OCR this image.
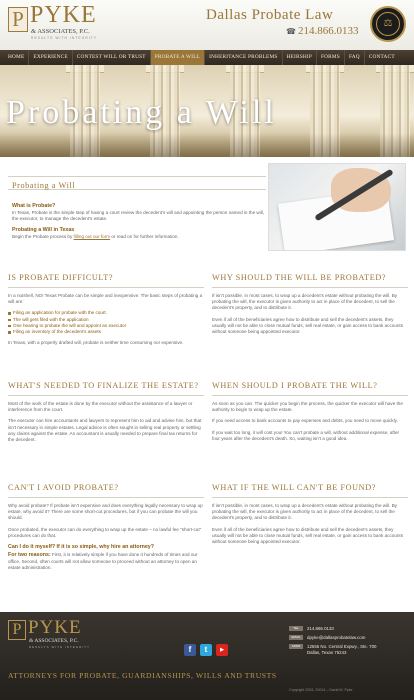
P PYKE
& ASSOCIATES, P.C.
RESULTS WITH INTEGRITY
Dallas Probate Law
☎ 214.866.0133
⚖
HOME	EXPERIENCE	CONTEST WILL OR TRUST	PROBATE A WILL	INHERITANCE PROBLEMS	HEIRSHIP	FORMS	FAQ	CONTACT
Probating a Will
Probating a Will
What is Probate?
In Texas, Probate is the simple step of having a court review the decedent's will and appointing the person named in the will, the executor, to manage the decedent's estate.
Probating a Will in Texas
Begin the Probate process by filling out our form or read on for further information.
IS PROBATE DIFFICULT?

In a nutshell, NO! Texas Probate can be simple and inexpensive. The basic steps of probating a will are:

Filing an application for probate with the court.
The will gets filed with the application
One hearing to probate the will and appoint an executor
Filing an inventory of the decedent's assets

In Texas, with a properly drafted will, probate is neither time consuming nor expensive.

WHY SHOULD THE WILL BE PROBATED?

If isn't possible, in most cases, to wrap up a decedent's estate without probating the will. By probating the will, the executor is given authority to act in place of the decedent, to sell the decedent's property, and to distribute it.

Even if all of the beneficiaries agree how to distribute and sell the decedent's assets, they usually will not be able to close mutual funds, sell real estate, or gain access to bank accounts without someone being appointed executor.

WHAT'S NEEDED TO FINALIZE THE ESTATE?

Most of the work of the estate is done by the executor without the assistance of a lawyer or interference from the court.

The executor can hire accountants and lawyers to represent him to aid and advise him, but that isn't necessary in simple estates. Legal advice is often sought in selling real property or settling any claims against the estate. An accountant is usually needed to prepare final tax returns for the decedent.

WHEN SHOULD I PROBATE THE WILL?

As soon as you can. The quicker you begin the process, the quicker the executor will have the authority to begin to wrap up the estate.

If you need access to bank accounts to pay expenses and debts, you need to move quickly.

If you wait too long, it will cost you! You can't probate a will, without additional expense, after four years after the decedent's death. So, waiting isn't a good idea.

CAN'T I AVOID PROBATE?

Why avoid probate? If probate isn't expensive and does everything legally necessary to wrap up estate, why avoid it? There are some short-cut procedures, but if you can probate the will you should.

Once probated, the executor can do everything to wrap up the estate – no lawful fee "short-cut" procedures can do that.

Can I do it myself? If it is so simple, why hire an attorney?

For two reasons: First, it is relatively simple if you have done it hundreds of times and our office. Second, often courts will not allow someone to proceed without an attorney to open an estate administration.

WHAT IF THE WILL CAN'T BE FOUND?

If isn't possible, in most cases, to wrap up a decedent's estate without probating the will. By probating the will, the executor is given authority to act in place of the decedent, to sell the decedent's property, and to distribute it.

Even if all of the beneficiaries agree how to distribute and sell the decedent's assets, they usually will not be able to close mutual funds, sell real estate, or gain access to bank accounts without someone being appointed executor.

P PYKE
& ASSOCIATES, P.C.
RESULTS WITH INTEGRITY
ATTORNEYS FOR PROBATE, GUARDIANSHIPS, WILLS AND TRUSTS
f	t	▶
TEL	214.866.0133
EMAIL	dpyke@dallasprobatelaw.com
ADDR	12655 No. Central Expwy., Ste. 700
Dallas, Texas 75243
Copyright 2003, 20014 – David M. Pyke
